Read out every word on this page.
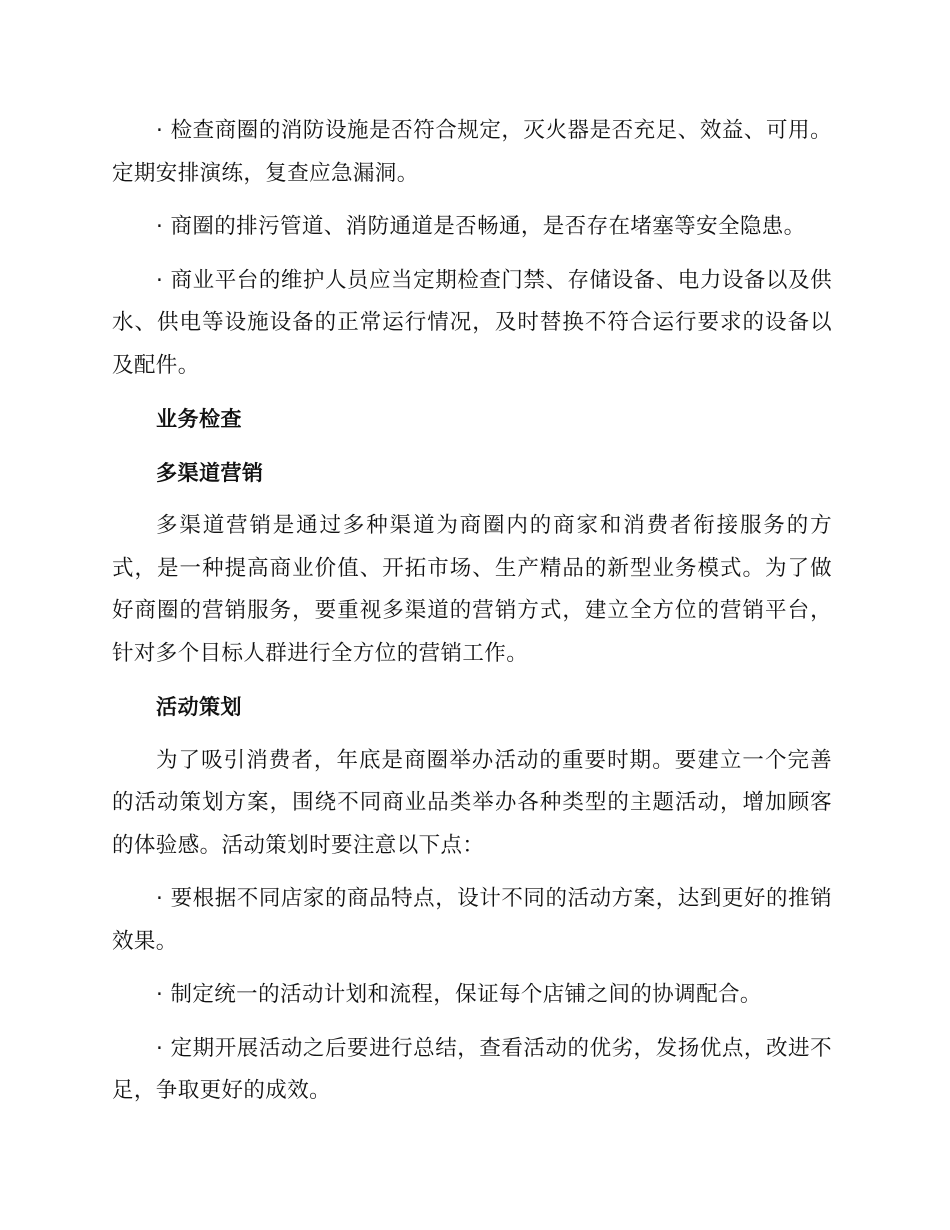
· 检查商圈的消防设施是否符合规定，灭火器是否充足、效益、可用。定期安排演练，复查应急漏洞。

· 商圈的排污管道、消防通道是否畅通，是否存在堵塞等安全隐患。

· 商业平台的维护人员应当定期检查门禁、存储设备、电力设备以及供水、供电等设施设备的正常运行情况，及时替换不符合运行要求的设备以及配件。

业务检查
多渠道营销

多渠道营销是通过多种渠道为商圈内的商家和消费者衔接服务的方式，是一种提高商业价值、开拓市场、生产精品的新型业务模式。为了做好商圈的营销服务，要重视多渠道的营销方式，建立全方位的营销平台，针对多个目标人群进行全方位的营销工作。

活动策划

为了吸引消费者，年底是商圈举办活动的重要时期。要建立一个完善的活动策划方案，围绕不同商业品类举办各种类型的主题活动，增加顾客的体验感。活动策划时要注意以下点：

· 要根据不同店家的商品特点，设计不同的活动方案，达到更好的推销效果。

· 制定统一的活动计划和流程，保证每个店铺之间的协调配合。

· 定期开展活动之后要进行总结，查看活动的优劣，发扬优点，改进不足，争取更好的成效。
